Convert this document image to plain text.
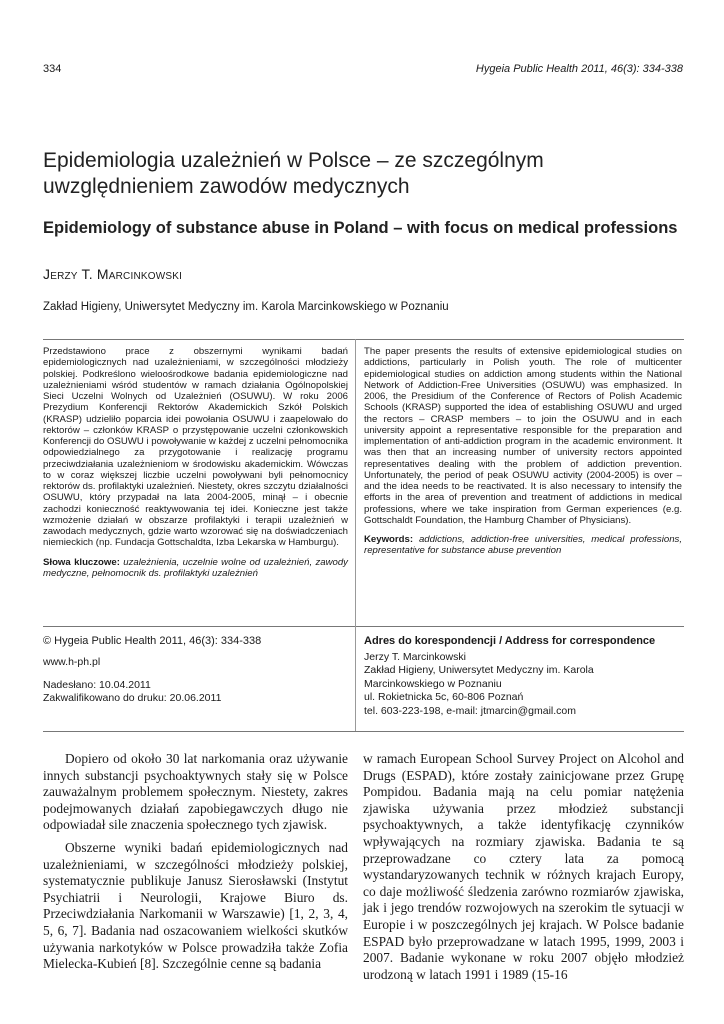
334	Hygeia Public Health 2011, 46(3): 334-338
Epidemiologia uzależnień w Polsce – ze szczególnym uwzględnieniem zawodów medycznych
Epidemiology of substance abuse in Poland – with focus on medical professions
Jerzy T. Marcinkowski
Zakład Higieny, Uniwersytet Medyczny im. Karola Marcinkowskiego w Poznaniu

Przedstawiono prace z obszernymi wynikami badań epidemiologicznych nad uzależnieniami, w szczególności młodzieży polskiej. Podkreślono wieloośrodkowe badania epidemiologiczne nad uzależnieniami wśród studentów w ramach działania Ogólnopolskiej Sieci Uczelni Wolnych od Uzależnień (OSUWU). W roku 2006 Prezydium Konferencji Rektorów Akademickich Szkół Polskich (KRASP) udzieliło poparcia idei powołania OSUWU i zaapelowało do rektorów – członków KRASP o przystępowanie uczelni członkowskich Konferencji do OSUWU i powoływanie w każdej z uczelni pełnomocnika odpowiedzialnego za przygotowanie i realizację programu przeciwdziałania uzależnieniom w środowisku akademickim. Wówczas to w coraz większej liczbie uczelni powoływani byli pełnomocnicy rektorów ds. profilaktyki uzależnień. Niestety, okres szczytu działalności OSUWU, który przypadał na lata 2004-2005, minął – i obecnie zachodzi konieczność reaktywowania tej idei. Konieczne jest także wzmożenie działań w obszarze profilaktyki i terapii uzależnień w zawodach medycznych, gdzie warto wzorować się na doświadczeniach niemieckich (np. Fundacja Gottschaldta, Izba Lekarska w Hamburgu).

Słowa kluczowe: uzależnienia, uczelnie wolne od uzależnień, zawody medyczne, pełnomocnik ds. profilaktyki uzależnień

The paper presents the results of extensive epidemiological studies on addictions, particularly in Polish youth. The role of multicenter epidemiological studies on addiction among students within the National Network of Addiction-Free Universities (OSUWU) was emphasized. In 2006, the Presidium of the Conference of Rectors of Polish Academic Schools (KRASP) supported the idea of establishing OSUWU and urged the rectors – CRASP members – to join the OSUWU and in each university appoint a representative responsible for the preparation and implementation of anti-addiction program in the academic environment. It was then that an increasing number of university rectors appointed representatives dealing with the problem of addiction prevention. Unfortunately, the period of peak OSUWU activity (2004-2005) is over – and the idea needs to be reactivated. It is also necessary to intensify the efforts in the area of prevention and treatment of addictions in medical professions, where we take inspiration from German experiences (e.g. Gottschaldt Foundation, the Hamburg Chamber of Physicians).

Keywords: addictions, addiction-free universities, medical professions, representative for substance abuse prevention

© Hygeia Public Health 2011, 46(3): 334-338
www.h-ph.pl
Nadesłano: 10.04.2011
Zakwalifikowano do druku: 20.06.2011
Adres do korespondencji / Address for correspondence
Jerzy T. Marcinkowski
Zakład Higieny, Uniwersytet Medyczny im. Karola
Marcinkowskiego w Poznaniu
ul. Rokietnicka 5c, 60-806 Poznań
tel. 603-223-198, e-mail: jtmarcin@gmail.com

Dopiero od około 30 lat narkomania oraz używanie innych substancji psychoaktywnych stały się w Polsce zauważalnym problemem społecznym. Niestety, zakres podejmowanych działań zapobiegawczych długo nie odpowiadał sile znaczenia społecznego tych zjawisk.

Obszerne wyniki badań epidemiologicznych nad uzależnieniami, w szczególności młodzieży polskiej, systematycznie publikuje Janusz Sierosławski (Instytut Psychiatrii i Neurologii, Krajowe Biuro ds. Przeciwdziałania Narkomanii w Warszawie) [1, 2, 3, 4, 5, 6, 7]. Badania nad oszacowaniem wielkości skutków używania narkotyków w Polsce prowadziła także Zofia Mielecka-Kubień [8]. Szczególnie cenne są badania

w ramach European School Survey Project on Alcohol and Drugs (ESPAD), które zostały zainicjowane przez Grupę Pompidou. Badania mają na celu pomiar natężenia zjawiska używania przez młodzież substancji psychoaktywnych, a także identyfikację czynników wpływających na rozmiary zjawiska. Badania te są przeprowadzane co cztery lata za pomocą wystandaryzowanych technik w różnych krajach Europy, co daje możliwość śledzenia zarówno rozmiarów zjawiska, jak i jego trendów rozwojowych na szerokim tle sytuacji w Europie i w poszczególnych jej krajach. W Polsce badanie ESPAD było przeprowadzane w latach 1995, 1999, 2003 i 2007. Badanie wykonane w roku 2007 objęło młodzież urodzoną w latach 1991 i 1989 (15-16
